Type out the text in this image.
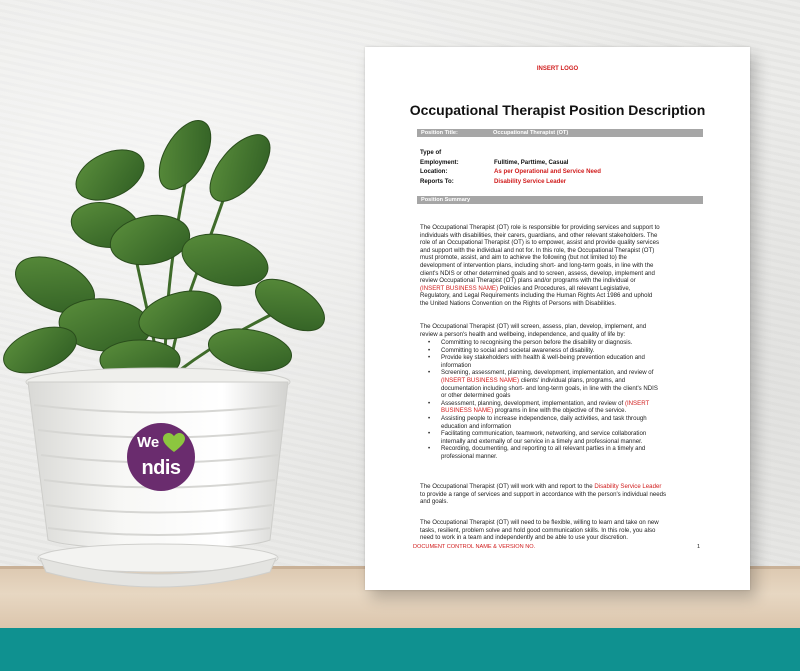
We
ndis
INSERT LOGO
Occupational Therapist Position Description
Position Title:	Occupational Therapist (OT)
Type of
Employment:	Fulltime, Parttime, Casual
Location:	As per Operational and Service Need
Reports To:	Disability Service Leader
Position Summary

The Occupational Therapist (OT) role is responsible for providing services and support to

individuals with disabilities, their carers, guardians, and other relevant stakeholders. The

role of an Occupational Therapist (OT) is to empower, assist and provide quality services

and support with the individual and not for. In this role, the Occupational Therapist (OT)

must promote, assist, and aim to achieve the following (but not limited to) the

development of intervention plans, including short- and long-term goals, in line with the

client's NDIS or other determined goals and to screen, assess, develop, implement and

review Occupational Therapist (OT) plans and/or programs with the individual or

(INSERT BUSINESS NAME) Policies and Procedures, all relevant Legislative,

Regulatory, and Legal Requirements including the Human Rights Act 1986 and uphold

the United Nations Convention on the Rights of Persons with Disabilities.

The Occupational Therapist (OT) will screen, assess, plan, develop, implement, and

review a person's health and wellbeing, independence, and quality of life by:

• Committing to recognising the person before the disability or diagnosis.
• Committing to social and societal awareness of disability.
• Provide key stakeholders with health & well-being prevention education and
information
• Screening, assessment, planning, development, implementation, and review of
(INSERT BUSINESS NAME) clients' individual plans, programs, and
documentation including short- and long-term goals, in line with the client's NDIS
or other determined goals
• Assessment, planning, development, implementation, and review of (INSERT
BUSINESS NAME) programs in line with the objective of the service.
• Assisting people to increase independence, daily activities, and task through
education and information
• Facilitating communication, teamwork, networking, and service collaboration
internally and externally of our service in a timely and professional manner.
• Recording, documenting, and reporting to all relevant parties in a timely and
professional manner.

The Occupational Therapist (OT) will work with and report to the Disability Service Leader

to provide a range of services and support in accordance with the person's individual needs

and goals.

The Occupational Therapist (OT) will need to be flexible, willing to learn and take on new

tasks, resilient, problem solve and hold good communication skills. In this role, you also

need to work in a team and independently and be able to use your discretion.

DOCUMENT CONTROL NAME & VERSION NO.	1
